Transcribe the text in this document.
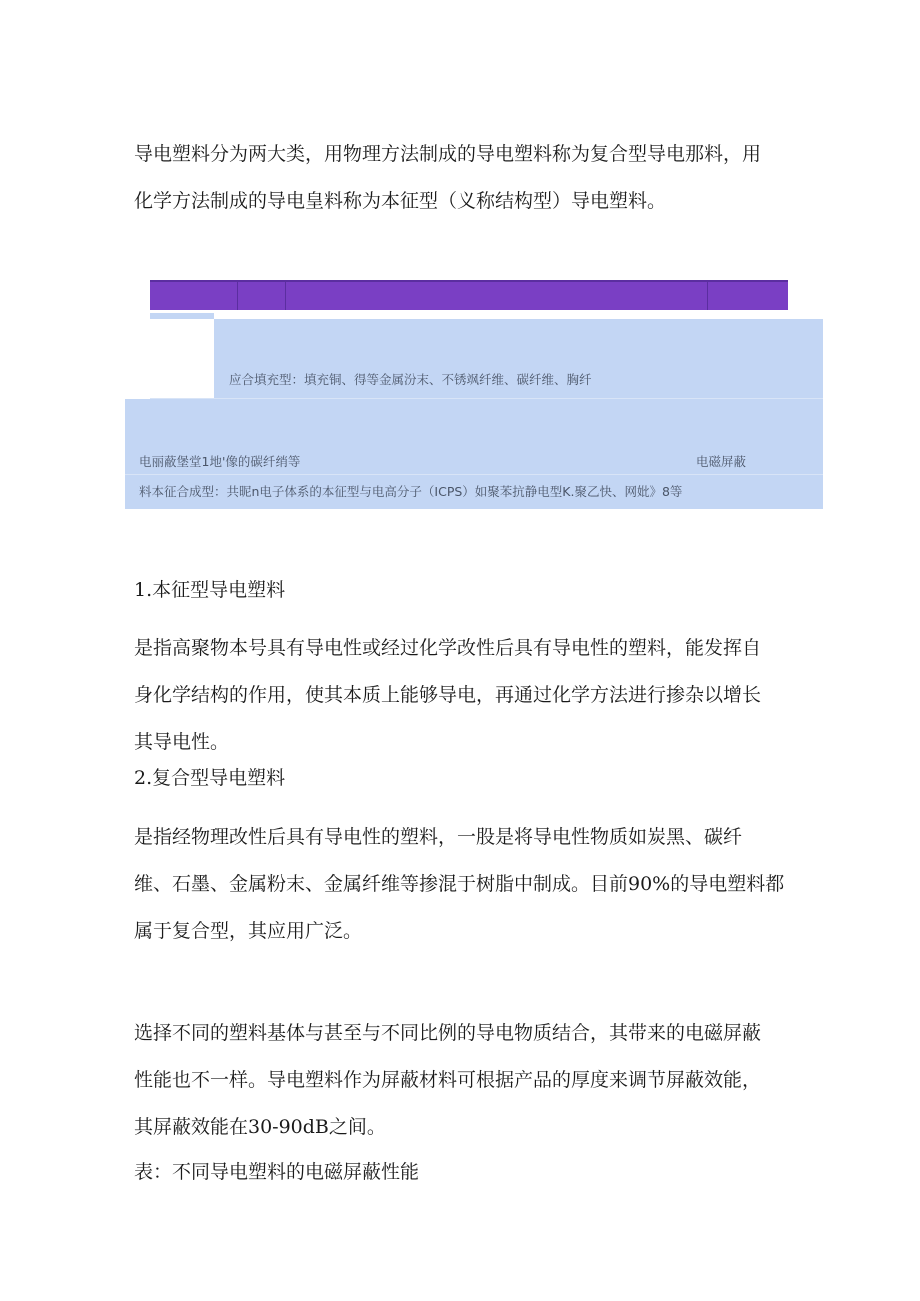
导电塑料分为两大类，用物理方法制成的导电塑料称为复合型导电那料，用
化学方法制成的导电皇料称为本征型（义称结构型）导电塑料。
应合填充型：填充铜、得等金属汾末、不锈飒纤维、碳纤维、胸纤
电丽蔽堡堂1地'像的碳纤绡等	电磁屏蔽
料本征合成型：共昵n电子体系的本征型与电高分子（ICPS）如聚苯抗静电型K.聚乙快、网妣》8等
1.本征型导电塑料
是指高聚物本号具有导电性或经过化学改性后具有导电性的塑料，能发挥自
身化学结构的作用，使其本质上能够导电，再通过化学方法进行掺杂以增长
其导电性。
2.复合型导电塑料
是指经物理改性后具有导电性的塑料，一股是将导电性物质如炭黑、碳纤
维、石墨、金属粉末、金属纤维等掺混于树脂中制成。目前90%的导电塑料都
属于复合型，其应用广泛。
选择不同的塑料基体与甚至与不同比例的导电物质结合，其带来的电磁屏蔽
性能也不一样。导电塑料作为屏蔽材料可根据产品的厚度来调节屏蔽效能，
其屏蔽效能在30-90dB之间。
表：不同导电塑料的电磁屏蔽性能
